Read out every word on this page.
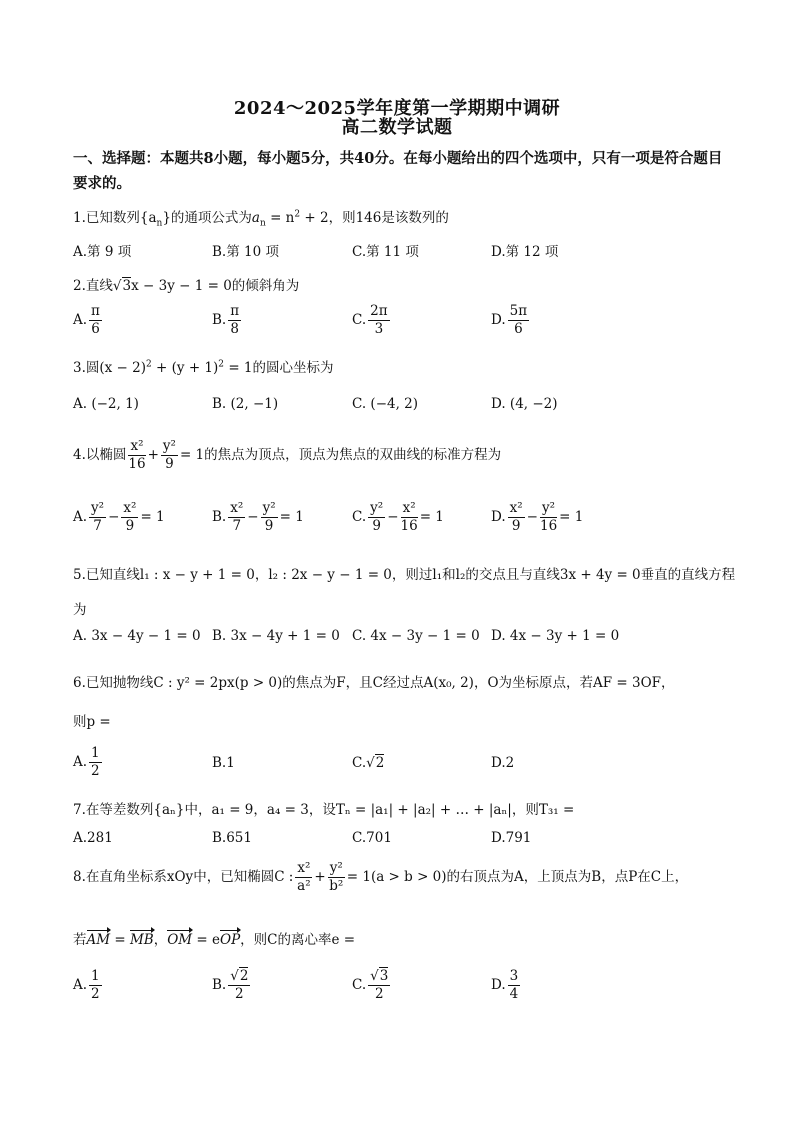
2024～2025学年度第一学期期中调研
高二数学试题
一、选择题：本题共8小题，每小题5分，共40分。在每小题给出的四个选项中，只有一项是符合题目要求的。
1.已知数列$\{a_n\}$的通项公式为$a_n = n^2 + 2$，则146是该数列的
A.第 9 项	B.第 10 项	C.第 11 项	D.第 12 项
2.直线√3x − 3y − 1 = 0的倾斜角为
A. $\frac{\pi}{6}$	B. $\frac{\pi}{8}$	C. $\frac{2\pi}{3}$	D. $\frac{5\pi}{6}$
3.圆$(x - 2)^2 + (y + 1)^2 = 1$的圆心坐标为
A. (−2, 1)	B. (2, −1)	C. (−4, 2)	D. (4, −2)
4.以椭圆 $\frac{\text{x²}}{16} + \frac{\text{y²}}{9} = 1$的焦点为顶点，顶点为焦点的双曲线的标准方程为
A. $\frac{\text{y²}}{7} - \frac{\text{x²}}{9} = 1$	B. $\frac{\text{x²}}{7} - \frac{\text{y²}}{9} = 1$	C. $\frac{\text{y²}}{9} - \frac{\text{x²}}{16} = 1$	D. $\frac{\text{x²}}{9} - \frac{\text{y²}}{16} = 1$
5.已知直线l₁ : x − y + 1 = 0，l₂ : 2x − y − 1 = 0，则过l₁和l₂的交点且与直线3x + 4y = 0垂直的直线方程
为
A. 3x − 4y − 1 = 0 B. 3x − 4y + 1 = 0 C. 4x − 3y − 1 = 0 D. 4x − 3y + 1 = 0
6.已知抛物线C : y² = 2px(p > 0)的焦点为F，且C经过点A(x₀, 2)，O为坐标原点，若AF = 3OF，
则p =
A. $\frac{1}{2}$	B.1	C.√2	D.2
7.在等差数列{aₙ}中，a₁ = 9，a₄ = 3，设Tₙ = |a₁| + |a₂| + … + |aₙ|，则T₃₁ =
A.281	B.651	C.701	D.791
8.在直角坐标系xOy中，已知椭圆C : $\frac{\text{x²}}{\text{a²}} + \frac{\text{y²}}{\text{b²}} = 1(a > b > 0)$的右顶点为A，上顶点为B，点P在C上，
若AM = MB，OM = eOP，则C的离心率e =
A. $\frac{1}{2}$	B. $\frac{√2}{2}$	C. $\frac{√3}{2}$	D. $\frac{3}{4}$
